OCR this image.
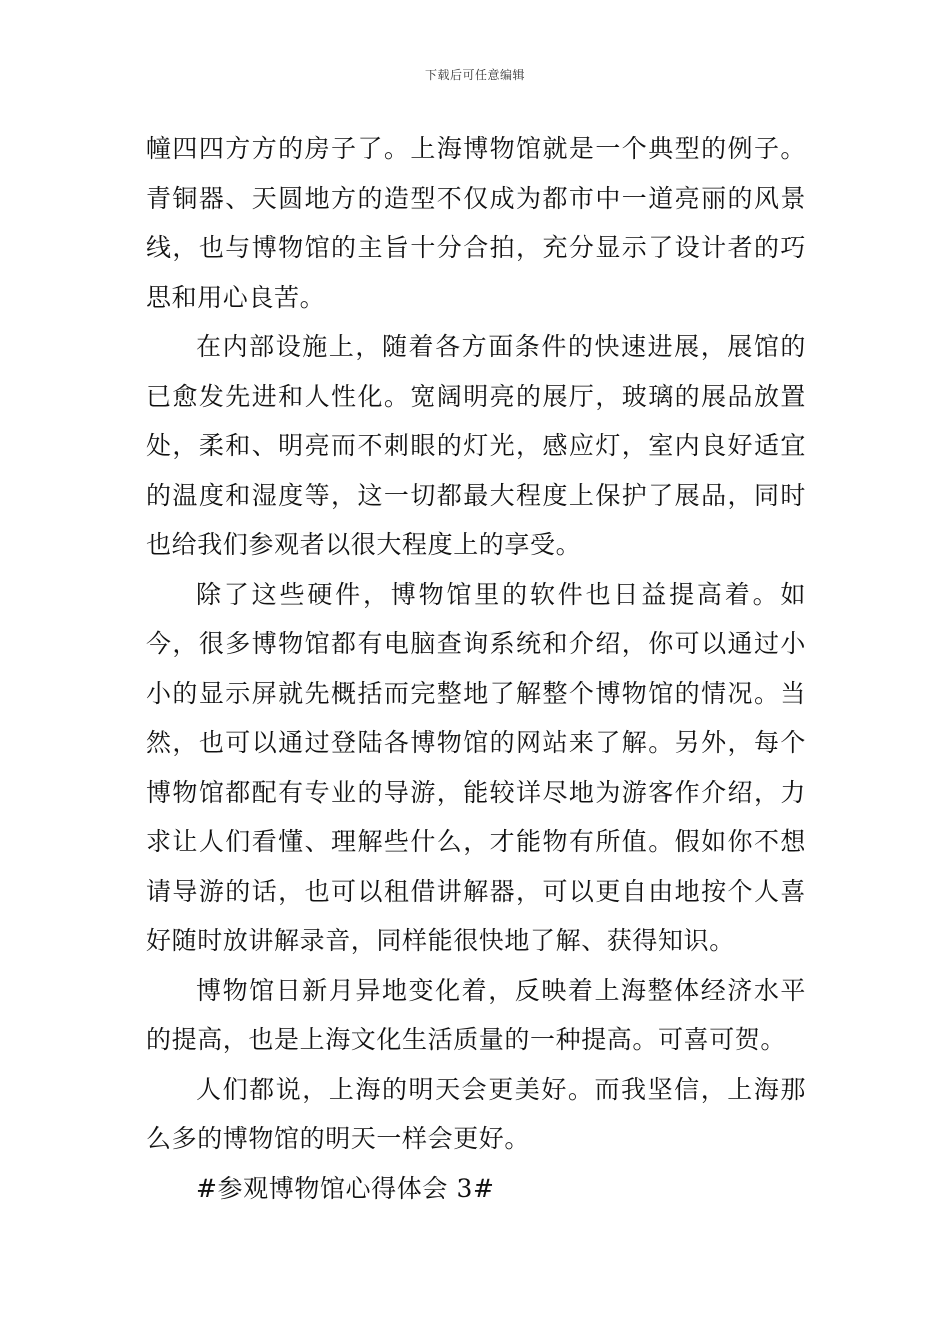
下载后可任意编辑

幢四四方方的房子了。上海博物馆就是一个典型的例子。青铜器、天圆地方的造型不仅成为都市中一道亮丽的风景线，也与博物馆的主旨十分合拍，充分显示了设计者的巧思和用心良苦。

在内部设施上，随着各方面条件的快速进展，展馆的已愈发先进和人性化。宽阔明亮的展厅，玻璃的展品放置处，柔和、明亮而不刺眼的灯光，感应灯，室内良好适宜的温度和湿度等，这一切都最大程度上保护了展品，同时也给我们参观者以很大程度上的享受。

除了这些硬件，博物馆里的软件也日益提高着。如今，很多博物馆都有电脑查询系统和介绍，你可以通过小小的显示屏就先概括而完整地了解整个博物馆的情况。当然，也可以通过登陆各博物馆的网站来了解。另外，每个博物馆都配有专业的导游，能较详尽地为游客作介绍，力求让人们看懂、理解些什么，才能物有所值。假如你不想请导游的话，也可以租借讲解器，可以更自由地按个人喜好随时放讲解录音，同样能很快地了解、获得知识。

博物馆日新月异地变化着，反映着上海整体经济水平的提高，也是上海文化生活质量的一种提高。可喜可贺。

人们都说，上海的明天会更美好。而我坚信，上海那么多的博物馆的明天一样会更好。

#参观博物馆心得体会 3#
